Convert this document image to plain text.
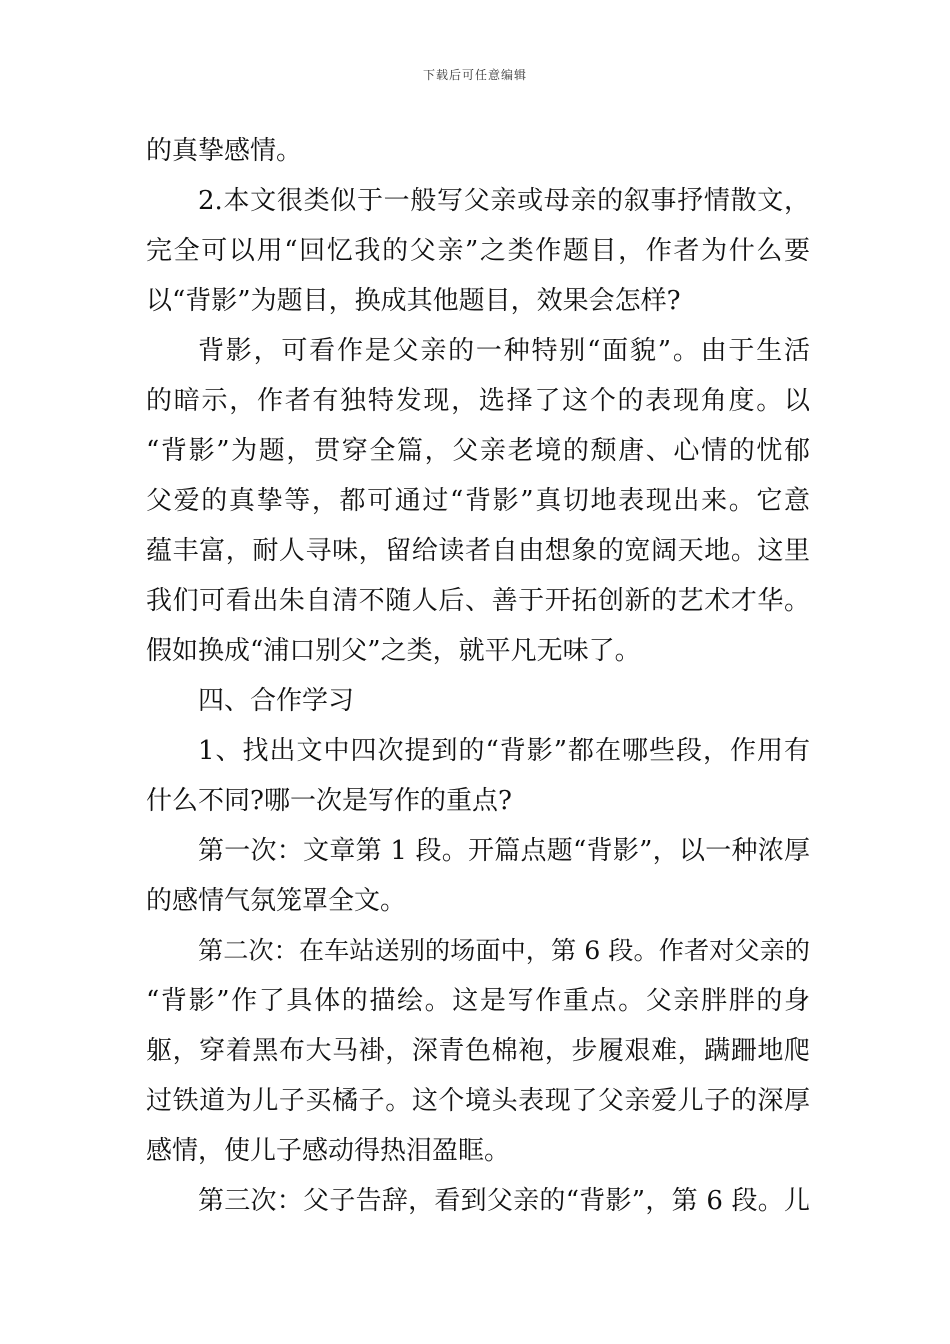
下载后可任意编辑
的真挚感情。
2.本文很类似于一般写父亲或母亲的叙事抒情散文，
完全可以用“回忆我的父亲”之类作题目，作者为什么要
以“背影”为题目，换成其他题目，效果会怎样?
背影，可看作是父亲的一种特别“面貌”。由于生活
的暗示，作者有独特发现，选择了这个的表现角度。以
“背影”为题，贯穿全篇，父亲老境的颓唐、心情的忧郁
父爱的真挚等，都可通过“背影”真切地表现出来。它意
蕴丰富，耐人寻味，留给读者自由想象的宽阔天地。这里
我们可看出朱自清不随人后、善于开拓创新的艺术才华。
假如换成“浦口别父”之类，就平凡无味了。
四、合作学习
1、找出文中四次提到的“背影”都在哪些段，作用有
什么不同?哪一次是写作的重点?
第一次：文章第 1 段。开篇点题“背影”，以一种浓厚
的感情气氛笼罩全文。
第二次：在车站送别的场面中，第 6 段。作者对父亲的
“背影”作了具体的描绘。这是写作重点。父亲胖胖的身
躯，穿着黑布大马褂，深青色棉袍，步履艰难，蹒跚地爬
过铁道为儿子买橘子。这个境头表现了父亲爱儿子的深厚
感情，使儿子感动得热泪盈眶。
第三次：父子告辞，看到父亲的“背影”，第 6 段。儿
